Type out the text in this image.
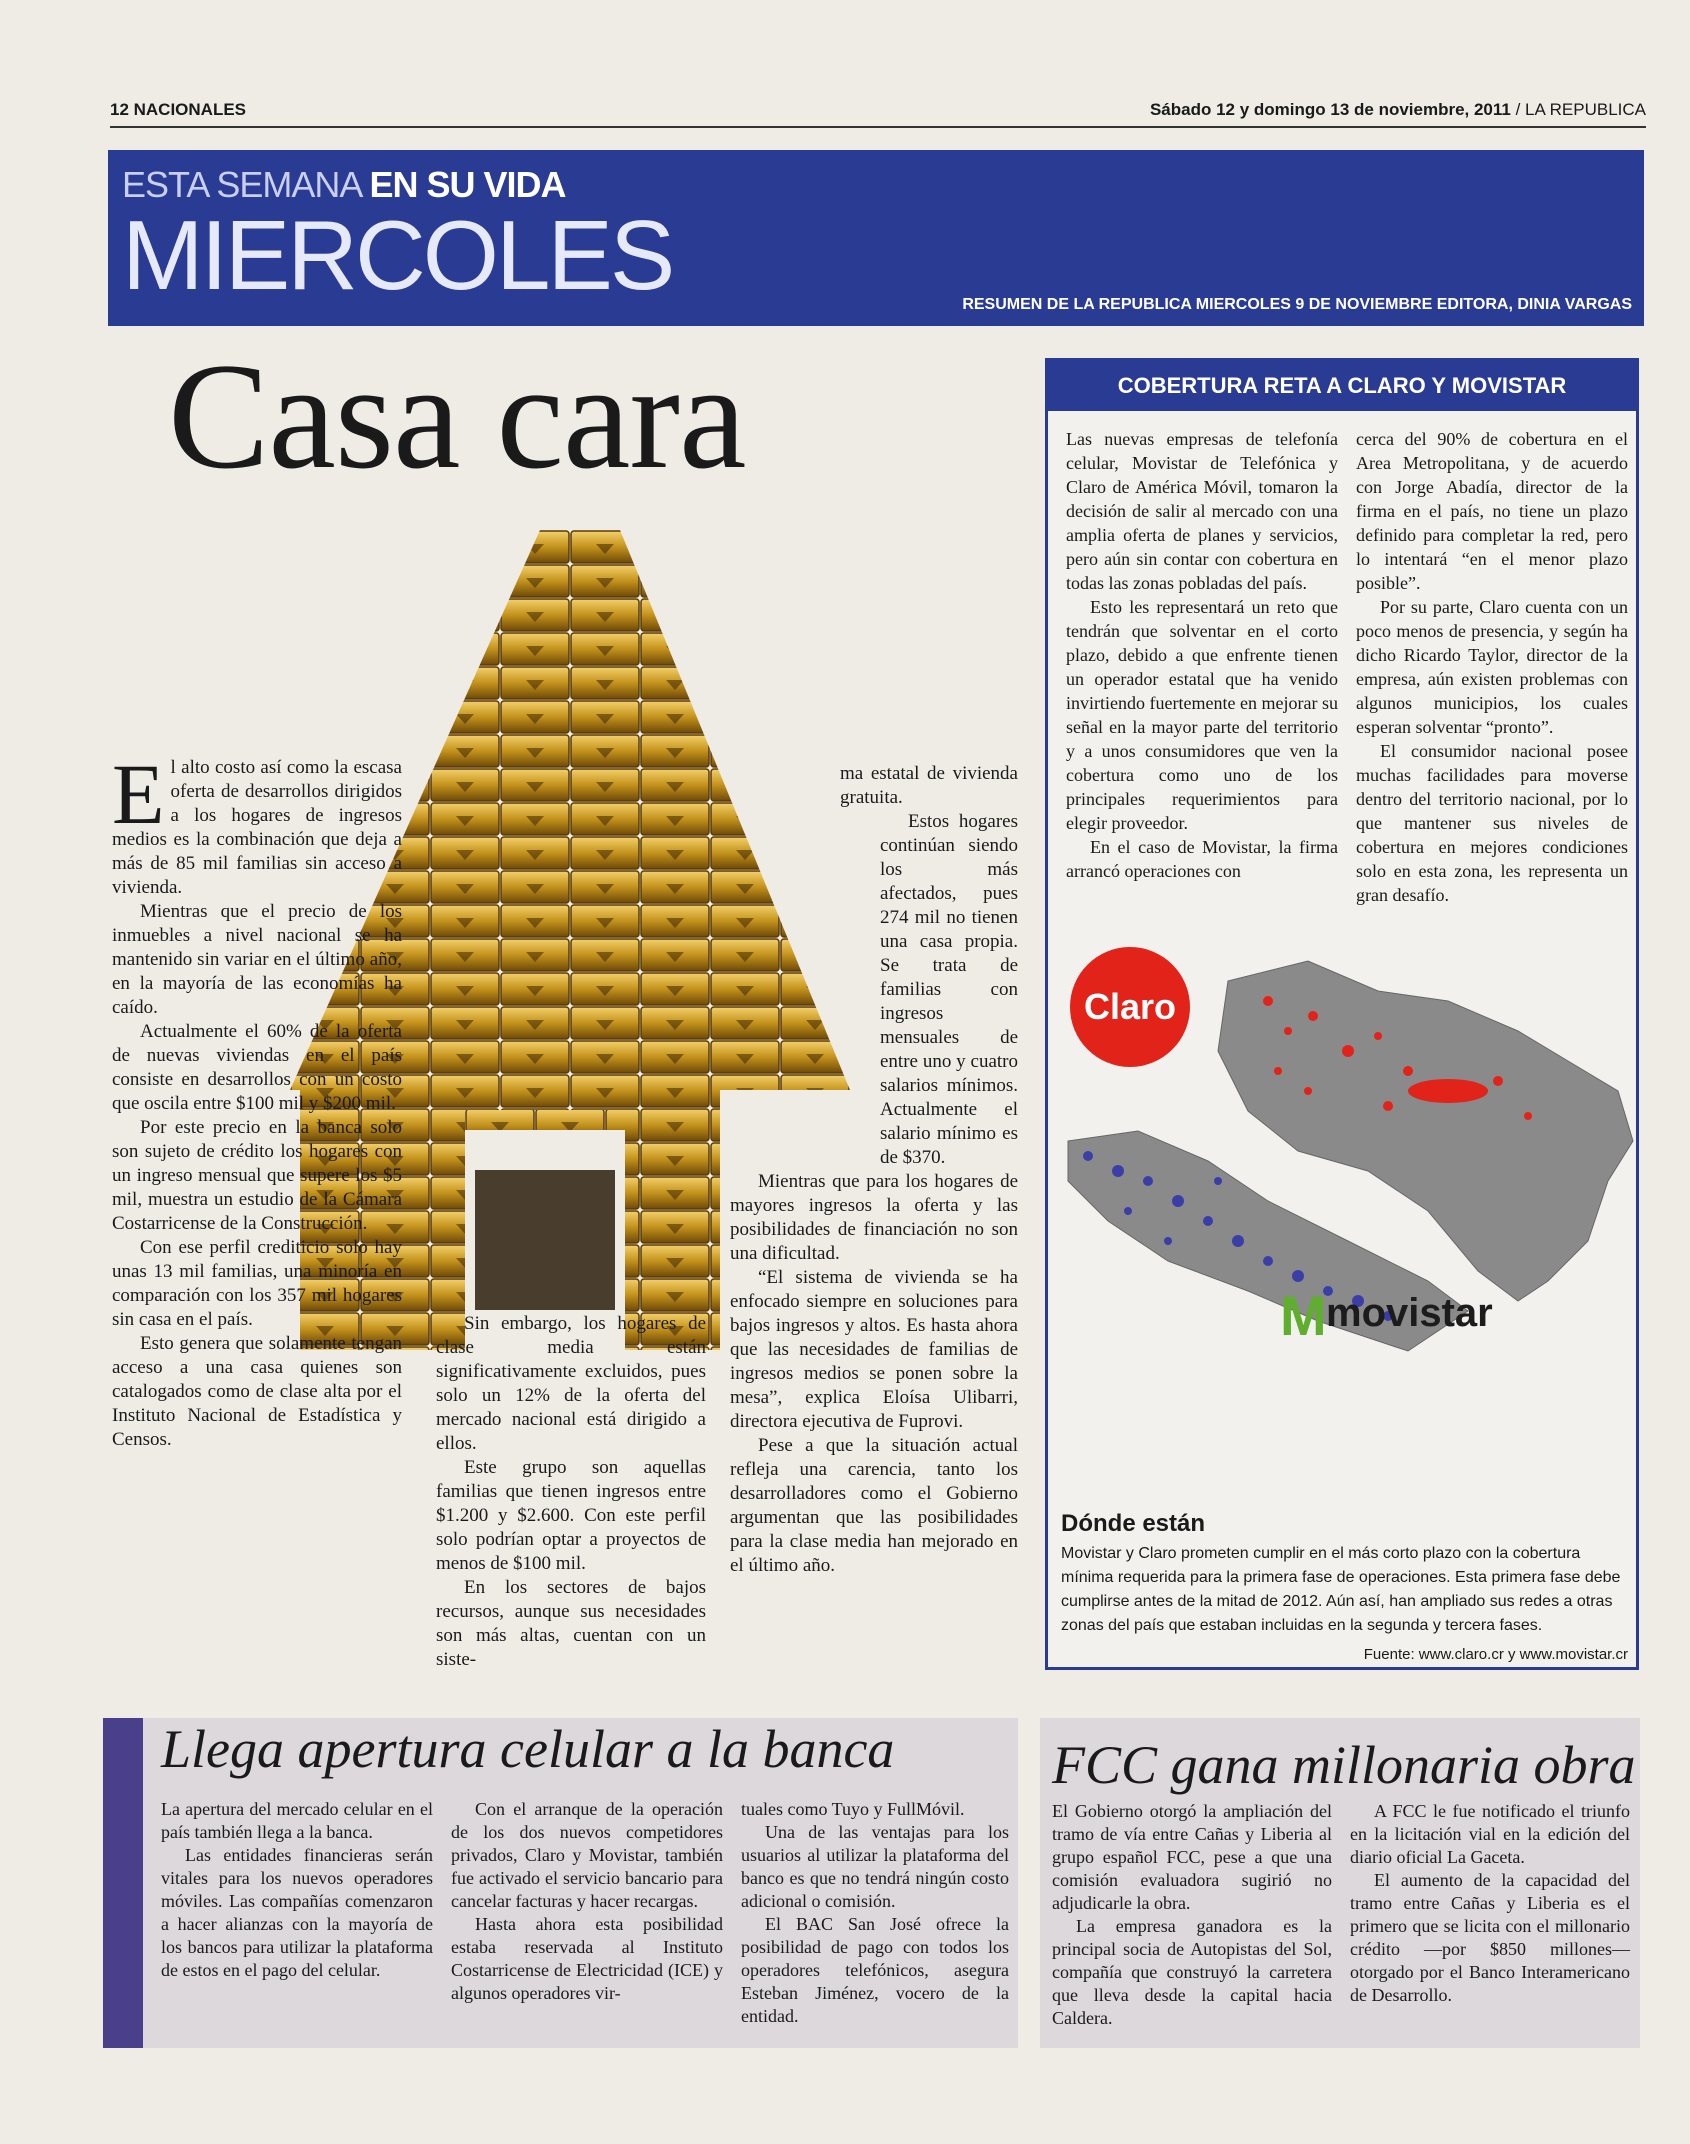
12 NACIONALES	Sábado 12 y domingo 13 de noviembre, 2011 / LA REPUBLICA
ESTA SEMANA EN SU VIDA
MIERCOLES	RESUMEN DE LA REPUBLICA MIERCOLES 9 DE NOVIEMBRE EDITORA, DINIA VARGAS
Casa cara

El alto costo así como la escasa oferta de desarrollos dirigidos a los hogares de ingresos medios es la combinación que deja a más de 85 mil familias sin acceso a vivienda.

Mientras que el precio de los inmuebles a nivel nacional se ha mantenido sin variar en el último año, en la mayoría de las economías ha caído.

Actualmente el 60% de la oferta de nuevas viviendas en el país consiste en desarrollos con un costo que oscila entre $100 mil y $200 mil.

Por este precio en la banca solo son sujeto de crédito los hogares con un ingreso mensual que supere los $5 mil, muestra un estudio de la Cámara Costarricense de la Construcción.

Con ese perfil crediticio solo hay unas 13 mil familias, una minoría en comparación con los 357 mil hogares sin casa en el país.

Esto genera que solamente tengan acceso a una casa quienes son catalogados como de clase alta por el Instituto Nacional de Estadística y Censos.

Sin embargo, los hogares de clase media están significativamente excluidos, pues solo un 12% de la oferta del mercado nacional está dirigido a ellos.

Este grupo son aquellas familias que tienen ingresos entre $1.200 y $2.600. Con este perfil solo podrían optar a proyectos de menos de $100 mil.

En los sectores de bajos recursos, aunque sus necesidades son más altas, cuentan con un siste-

ma estatal de vivienda gratuita.

Estos hogares continúan siendo los más afectados, pues 274 mil no tienen una casa propia. Se trata de familias con ingresos mensuales de entre uno y cuatro salarios mínimos. Actualmente el salario mínimo es de $370.

Mientras que para los hogares de mayores ingresos la oferta y las posibilidades de financiación no son una dificultad.

“El sistema de vivienda se ha enfocado siempre en soluciones para bajos ingresos y altos. Es hasta ahora que las necesidades de familias de ingresos medios se ponen sobre la mesa”, explica Eloísa Ulibarri, directora ejecutiva de Fuprovi.

Pese a que la situación actual refleja una carencia, tanto los desarrolladores como el Gobierno argumentan que las posibilidades para la clase media han mejorado en el último año.

COBERTURA RETA A CLARO Y MOVISTAR

Las nuevas empresas de telefonía celular, Movistar de Telefónica y Claro de América Móvil, tomaron la decisión de salir al mercado con una amplia oferta de planes y servicios, pero aún sin contar con cobertura en todas las zonas pobladas del país.

Esto les representará un reto que tendrán que solventar en el corto plazo, debido a que enfrente tienen un operador estatal que ha venido invirtiendo fuertemente en mejorar su señal en la mayor parte del territorio y a unos consumidores que ven la cobertura como uno de los principales requerimientos para elegir proveedor.

En el caso de Movistar, la firma arrancó operaciones con

cerca del 90% de cobertura en el Area Metropolitana, y de acuerdo con Jorge Abadía, director de la firma en el país, no tiene un plazo definido para completar la red, pero lo intentará “en el menor plazo posible”.

Por su parte, Claro cuenta con un poco menos de presencia, y según ha dicho Ricardo Taylor, director de la empresa, aún existen problemas con algunos municipios, los cuales esperan solventar “pronto”.

El consumidor nacional posee muchas facilidades para moverse dentro del territorio nacional, por lo que mantener sus niveles de cobertura en mejores condiciones solo en esta zona, les representa un gran desafío.

Claro
M movistar
Dónde están
Movistar y Claro prometen cumplir en el más corto plazo con la cobertura mínima requerida para la primera fase de operaciones. Esta primera fase debe cumplirse antes de la mitad de 2012. Aún así, han ampliado sus redes a otras zonas del país que estaban incluidas en la segunda y tercera fases.
Fuente: www.claro.cr y www.movistar.cr
Llega apertura celular a la banca

La apertura del mercado celular en el país también llega a la banca.

Las entidades financieras serán vitales para los nuevos operadores móviles. Las compañías comenzaron a hacer alianzas con la mayoría de los bancos para utilizar la plataforma de estos en el pago del celular.

Con el arranque de la operación de los dos nuevos competidores privados, Claro y Movistar, también fue activado el servicio bancario para cancelar facturas y hacer recargas.

Hasta ahora esta posibilidad estaba reservada al Instituto Costarricense de Electricidad (ICE) y algunos operadores vir-

tuales como Tuyo y FullMóvil.

Una de las ventajas para los usuarios al utilizar la plataforma del banco es que no tendrá ningún costo adicional o comisión.

El BAC San José ofrece la posibilidad de pago con todos los operadores telefónicos, asegura Esteban Jiménez, vocero de la entidad.

FCC gana millonaria obra

El Gobierno otorgó la ampliación del tramo de vía entre Cañas y Liberia al grupo español FCC, pese a que una comisión evaluadora sugirió no adjudicarle la obra.

La empresa ganadora es la principal socia de Autopistas del Sol, compañía que construyó la carretera que lleva desde la capital hacia Caldera.

A FCC le fue notificado el triunfo en la licitación vial en la edición del diario oficial La Gaceta.

El aumento de la capacidad del tramo entre Cañas y Liberia es el primero que se licita con el millonario crédito —por $850 millones— otorgado por el Banco Interamericano de Desarrollo.
